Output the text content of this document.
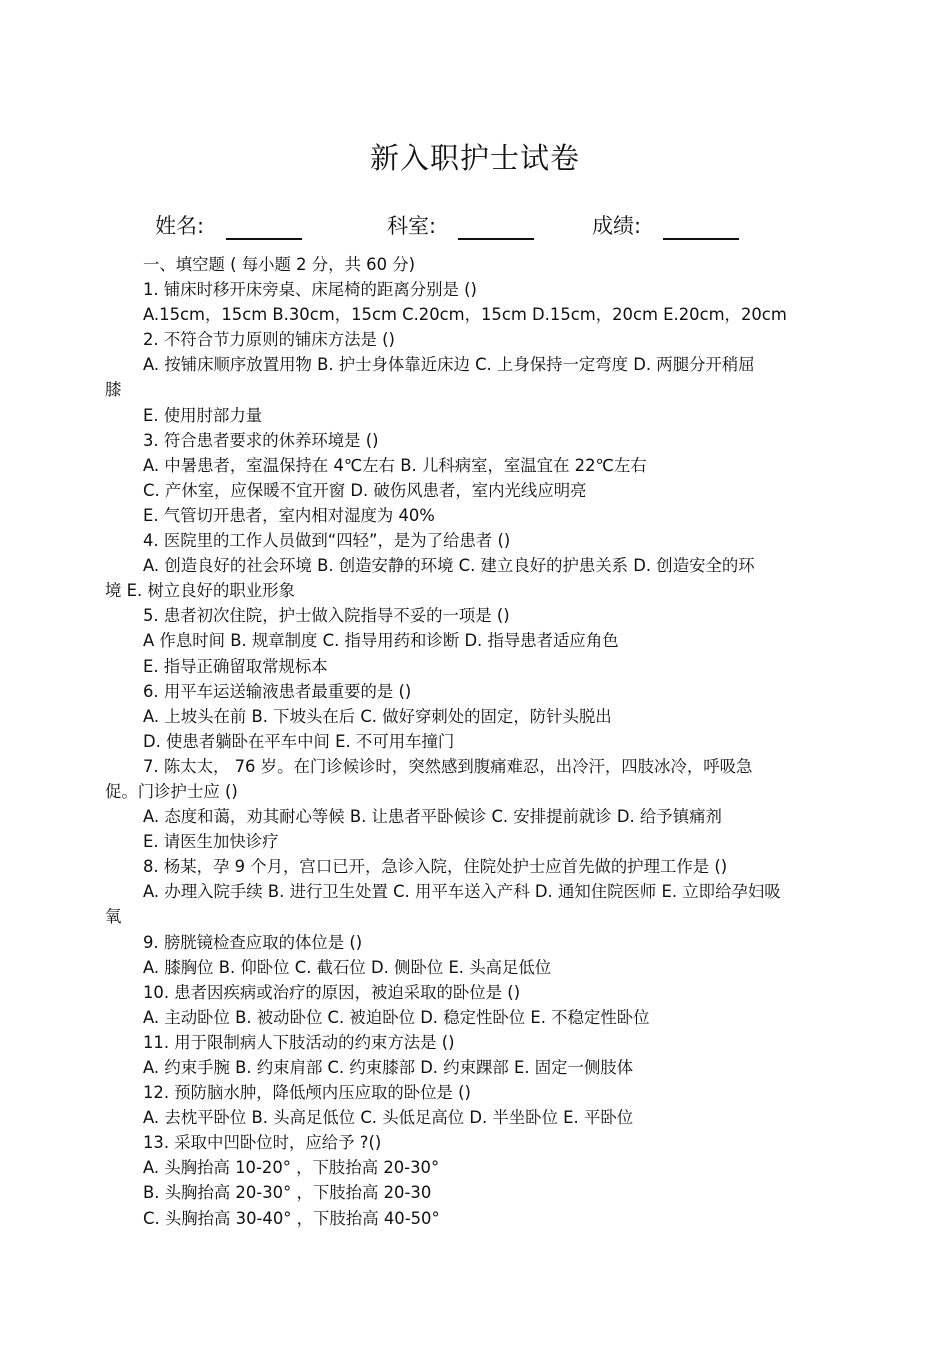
新入职护士试卷
姓名:	科室:	成绩:
一、填空题 ( 每小题 2 分，共 60 分)
1. 铺床时移开床旁桌、床尾椅的距离分别是 ()
A.15cm，15cm B.30cm，15cm C.20cm，15cm D.15cm，20cm E.20cm，20cm
2. 不符合节力原则的铺床方法是 ()
A. 按铺床顺序放置用物 B. 护士身体靠近床边 C. 上身保持一定弯度 D. 两腿分开稍屈
膝
E. 使用肘部力量
3. 符合患者要求的休养环境是 ()
A. 中暑患者，室温保持在 4℃左右 B. 儿科病室，室温宜在 22℃左右
C. 产休室，应保暖不宜开窗 D. 破伤风患者，室内光线应明亮
E. 气管切开患者，室内相对湿度为 40%
4. 医院里的工作人员做到“四轻”，是为了给患者 ()
A. 创造良好的社会环境 B. 创造安静的环境 C. 建立良好的护患关系 D. 创造安全的环
境 E. 树立良好的职业形象
5. 患者初次住院，护士做入院指导不妥的一项是 ()
A 作息时间 B. 规章制度 C. 指导用药和诊断 D. 指导患者适应角色
E. 指导正确留取常规标本
6. 用平车运送输液患者最重要的是 ()
A. 上坡头在前 B. 下坡头在后 C. 做好穿刺处的固定，防针头脱出
D. 使患者躺卧在平车中间 E. 不可用车撞门
7. 陈太太， 76 岁。在门诊候诊时，突然感到腹痛难忍，出冷汗，四肢冰冷，呼吸急
促。门诊护士应 ()
A. 态度和蔼，劝其耐心等候 B. 让患者平卧候诊 C. 安排提前就诊 D. 给予镇痛剂
E. 请医生加快诊疗
8. 杨某，孕 9 个月，宫口已开，急诊入院，住院处护士应首先做的护理工作是 ()
A. 办理入院手续 B. 进行卫生处置 C. 用平车送入产科 D. 通知住院医师 E. 立即给孕妇吸
氧
9. 膀胱镜检查应取的体位是 ()
A. 膝胸位 B. 仰卧位 C. 截石位 D. 侧卧位 E. 头高足低位
10. 患者因疾病或治疗的原因，被迫采取的卧位是 ()
A. 主动卧位 B. 被动卧位 C. 被迫卧位 D. 稳定性卧位 E. 不稳定性卧位
11. 用于限制病人下肢活动的约束方法是 ()
A. 约束手腕 B. 约束肩部 C. 约束膝部 D. 约束踝部 E. 固定一侧肢体
12. 预防脑水肿，降低颅内压应取的卧位是 ()
A. 去枕平卧位 B. 头高足低位 C. 头低足高位 D. 半坐卧位 E. 平卧位
13. 采取中凹卧位时，应给予 ?()
A. 头胸抬高 10-20° ，下肢抬高 20-30°
B. 头胸抬高 20-30° ，下肢抬高 20-30
C. 头胸抬高 30-40° ，下肢抬高 40-50°
